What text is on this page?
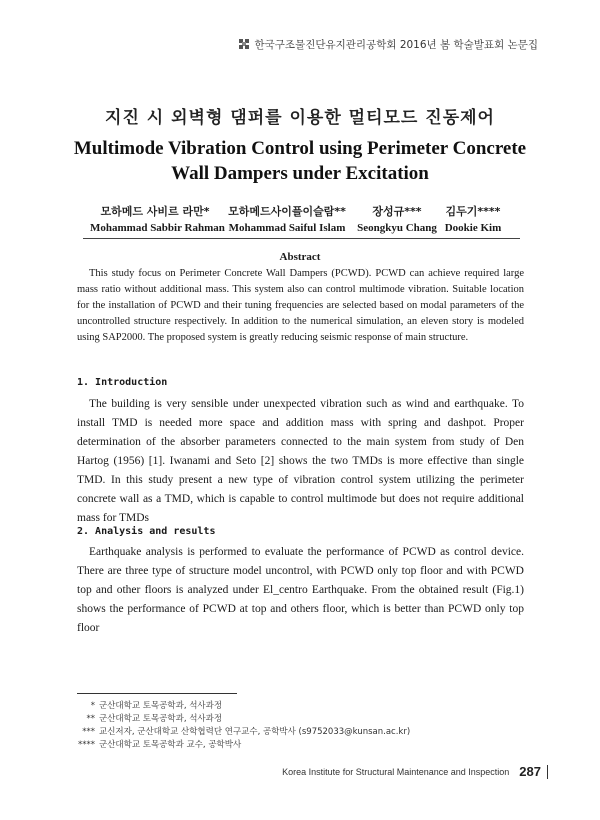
한국구조물진단유지관리공학회 2016년 봄 학술발표회 논문집
지진 시 외벽형 댐퍼를 이용한 멀티모드 진동제어
Multimode Vibration Control using Perimeter Concrete Wall Dampers under Excitation
모하메드 사비르 라만*
Mohammad Sabbir Rahman
모하메드사이플이슬람**
Mohammad Saiful Islam
장성규***
Seongkyu Chang
김두기****
Dookie Kim
Abstract
This study focus on Perimeter Concrete Wall Dampers (PCWD). PCWD can achieve required large mass ratio without additional mass. This system also can control multimode vibration. Suitable location for the installation of PCWD and their tuning frequencies are selected based on modal parameters of the uncontrolled structure respectively. In addition to the numerical simulation, an eleven story is modeled using SAP2000. The proposed system is greatly reducing seismic response of main structure.
1. Introduction
The building is very sensible under unexpected vibration such as wind and earthquake. To install TMD is needed more space and addition mass with spring and dashpot. Proper determination of the absorber parameters connected to the main system from study of Den Hartog (1956) [1]. Iwanami and Seto [2] shows the two TMDs is more effective than single TMD. In this study present a new type of vibration control system utilizing the perimeter concrete wall as a TMD, which is capable to control multimode but does not require additional mass for TMDs
2. Analysis and results
Earthquake analysis is performed to evaluate the performance of PCWD as control device. There are three type of structure model uncontrol, with PCWD only top floor and with PCWD top and other floors is analyzed under El_centro Earthquake. From the obtained result (Fig.1) shows the performance of PCWD at top and others floor, which is better than PCWD only top floor
* 군산대학교 토목공학과, 석사과정
** 군산대학교 토목공학과, 석사과정
*** 교신저자, 군산대학교 산학협력단 연구교수, 공학박사 (s9752033@kunsan.ac.kr)
**** 군산대학교 토목공학과 교수, 공학박사
Korea Institute for Structural Maintenance and Inspection 287
